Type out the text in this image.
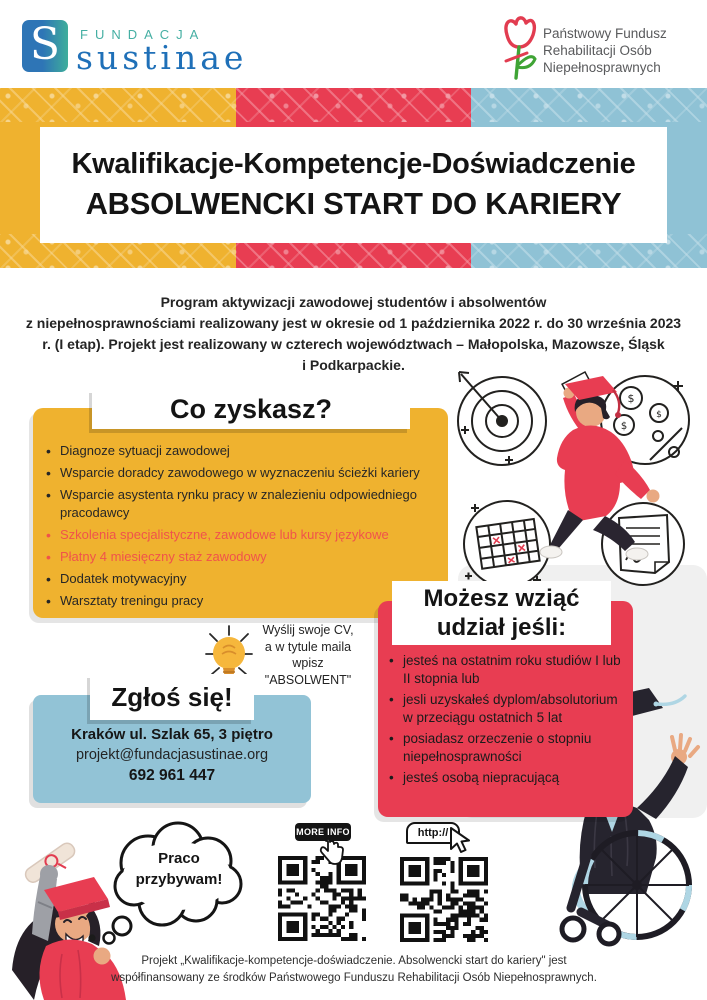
S FUNDACJA
sustinae
Państwowy Fundusz
Rehabilitacji Osób
Niepełnosprawnych
Kwalifikacje-Kompetencje-Doświadczenie
ABSOLWENCKI START DO KARIERY
Program aktywizacji zawodowej studentów i absolwentów
z niepełnosprawnościami realizowany jest w okresie od 1 października 2022 r. do 30 września 2023
r. (I etap). Projekt jest realizowany w czterech województwach – Małopolska, Mazowsze, Śląsk
i Podkarpackie.
$
$
$
Co zyskasz?
• Diagnoze sytuacji zawodowej
• Wsparcie doradcy zawodowego w wyznaczeniu ścieżki kariery
• Wsparcie asystenta rynku pracy w znalezieniu odpowiedniego pracodawcy
• Szkolenia specjalistyczne, zawodowe lub kursy językowe
• Płatny 4 miesięczny staż zawodowy
• Dodatek motywacyjny
• Warsztaty treningu pracy	Możesz wziąć
udział jeśli:
• jesteś na ostatnim roku studiów I lub II stopnia lub
• jesli uzyskałeś dyplom/absolutorium w przeciągu ostatnich 5 lat
• posiadasz orzeczenie o stopniu niepełnosprawności
• jesteś osobą niepracującą
Wyślij swoje CV,
a w tytule maila
wpisz
"ABSOLWENT"
Zgłoś się!
Kraków ul. Szlak 65, 3 piętro
projekt@fundacjasustinae.org
692 961 447
Praco
przybywam!
MORE INFO	http://
Projekt „Kwalifikacje-kompetencje-doświadczenie. Absolwencki start do kariery" jest
współfinansowany ze środków Państwowego Funduszu Rehabilitacji Osób Niepełnosprawnych.
